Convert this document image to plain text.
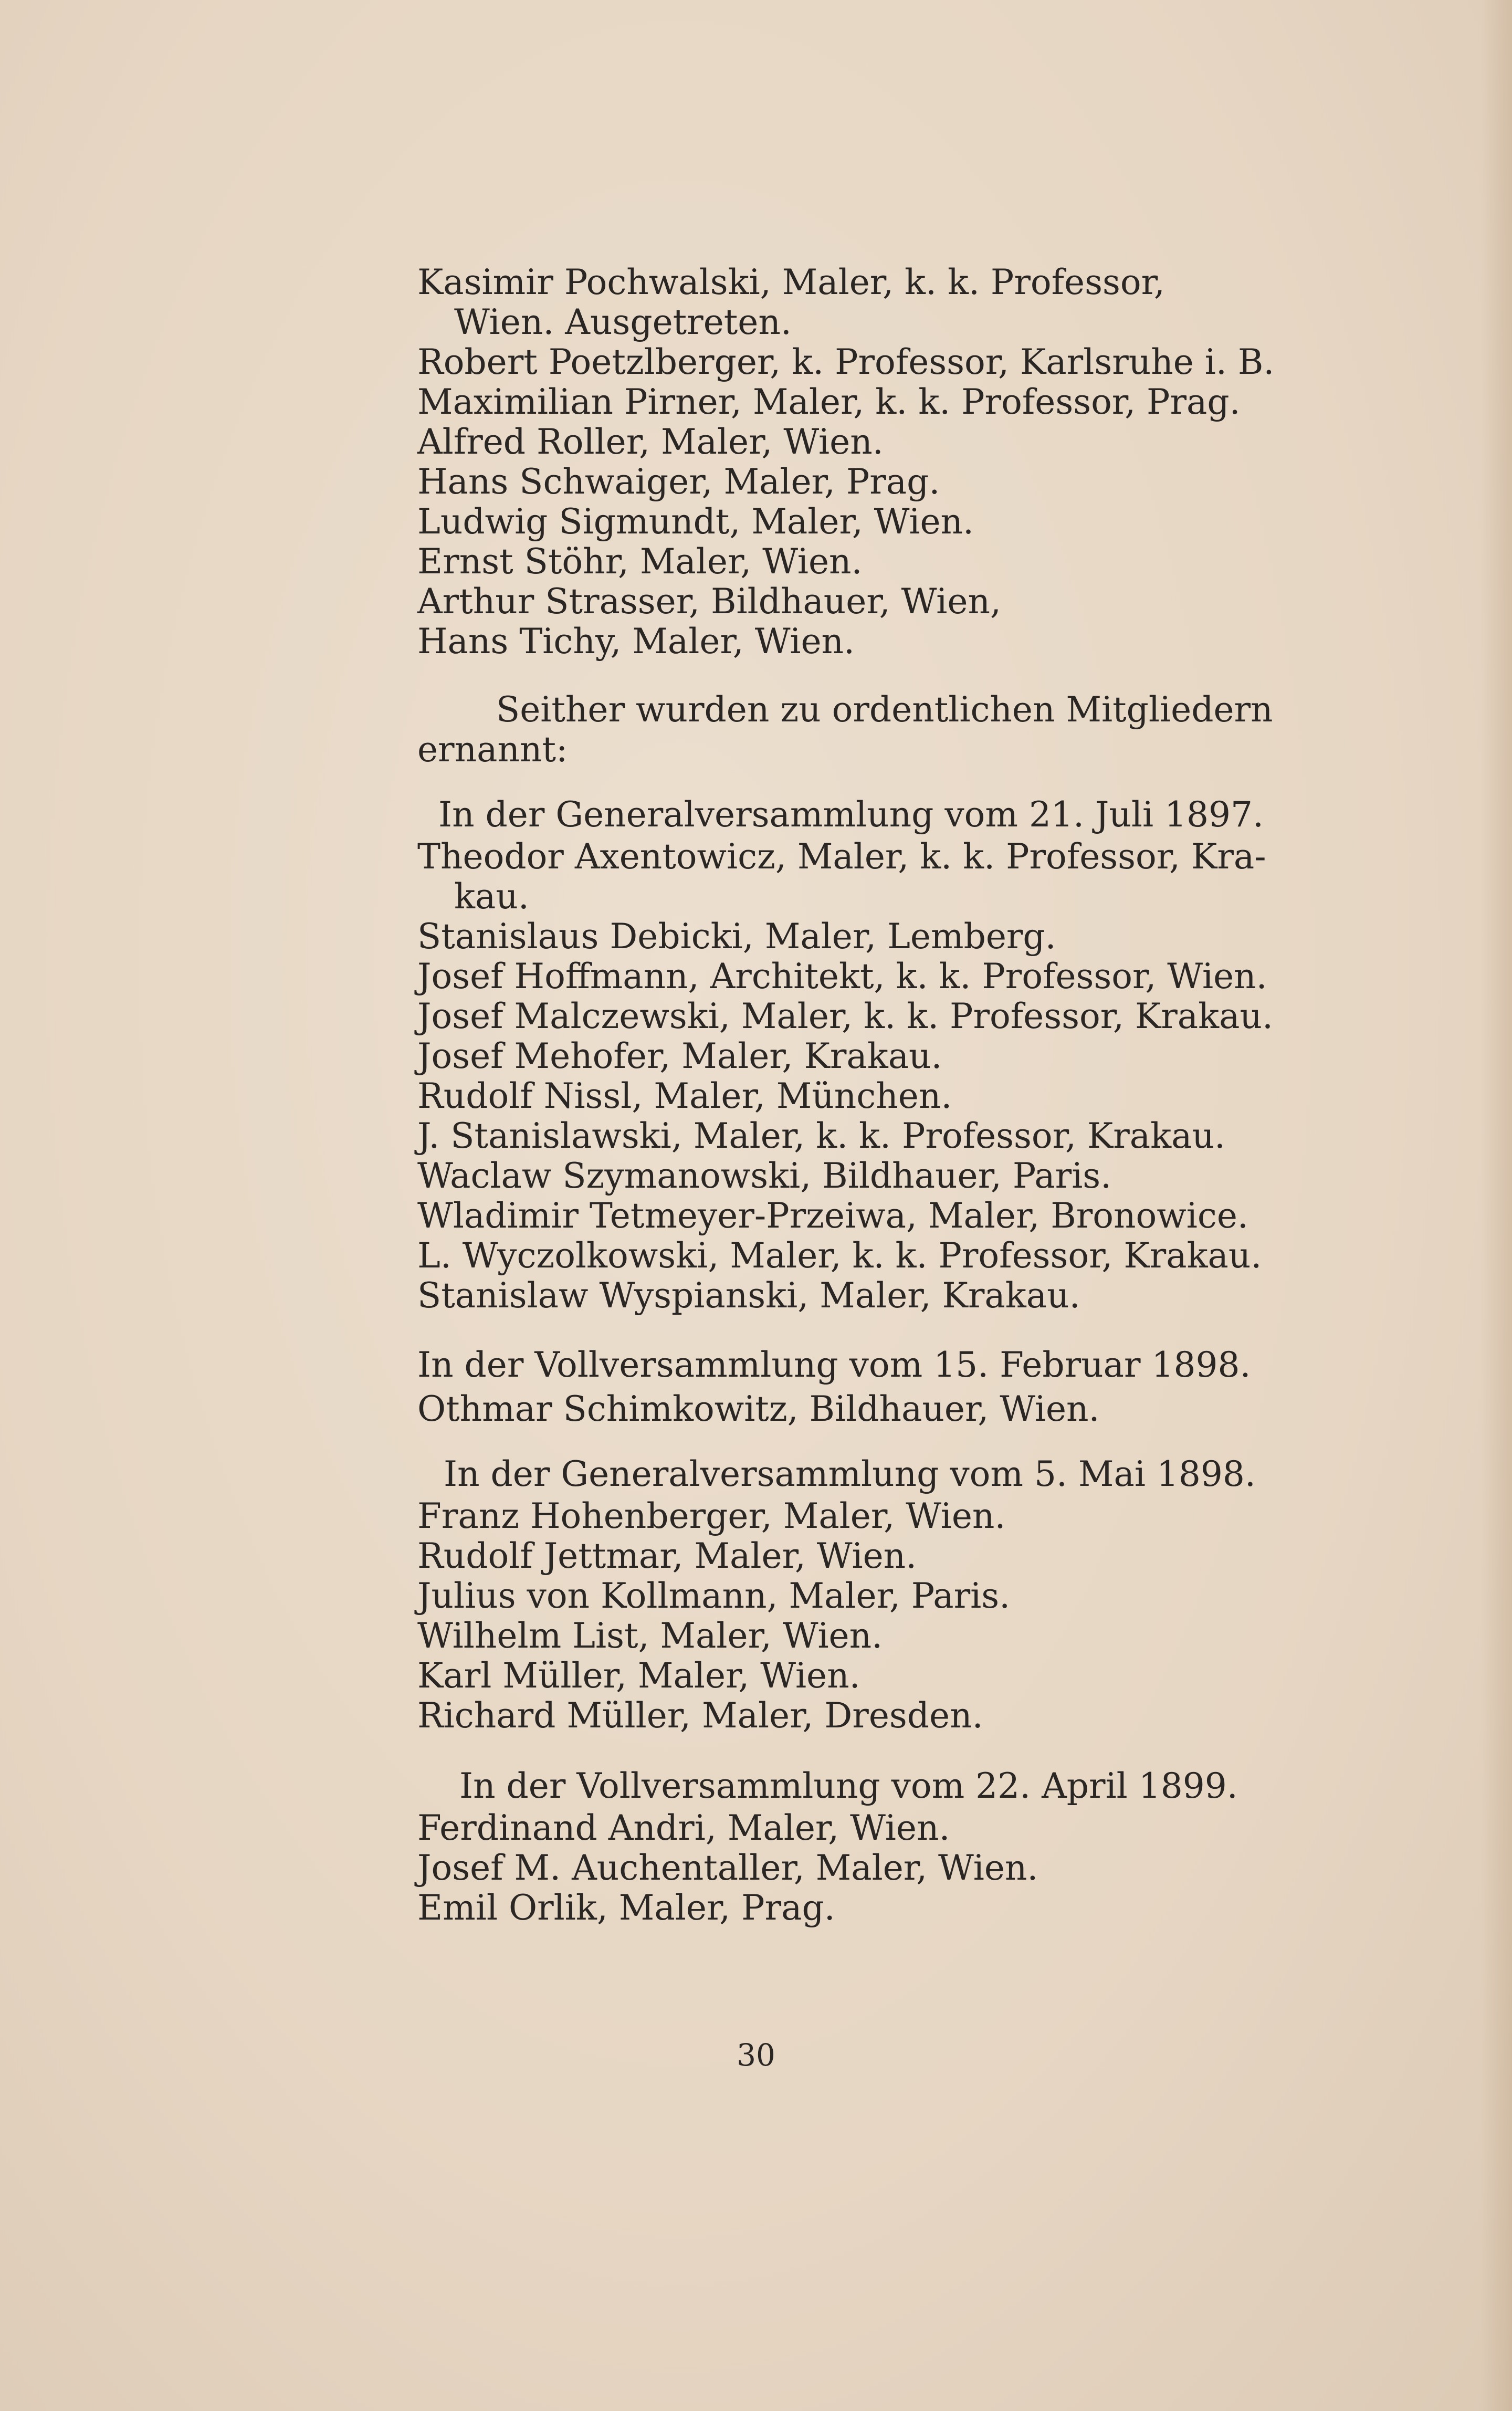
Kasimir Pochwalski, Maler, k. k. Professor, Wien. Ausgetreten.
Robert Poetzlberger, k. Professor, Karlsruhe i. B.
Maximilian Pirner, Maler, k. k. Professor, Prag.
Alfred Roller, Maler, Wien.
Hans Schwaiger, Maler, Prag.
Ludwig Sigmundt, Maler, Wien.
Ernst Stöhr, Maler, Wien.
Arthur Strasser, Bildhauer, Wien,
Hans Tichy, Maler, Wien.
Seither wurden zu ordentlichen Mitgliedern
ernannt:
In der Generalversammlung vom 21. Juli 1897.
Theodor Axentowicz, Maler, k. k. Professor, Kra-
kau.
Stanislaus Debicki, Maler, Lemberg.
Josef Hoffmann, Architekt, k. k. Professor, Wien.
Josef Malczewski, Maler, k. k. Professor, Krakau.
Josef Mehofer, Maler, Krakau.
Rudolf Nissl, Maler, München.
J. Stanislawski, Maler, k. k. Professor, Krakau.
Waclaw Szymanowski, Bildhauer, Paris.
Wladimir Tetmeyer-Przeiwa, Maler, Bronowice.
L. Wyczolkowski, Maler, k. k. Professor, Krakau.
Stanislaw Wyspianski, Maler, Krakau.
In der Vollversammlung vom 15. Februar 1898.
Othmar Schimkowitz, Bildhauer, Wien.
In der Generalversammlung vom 5. Mai 1898.
Franz Hohenberger, Maler, Wien.
Rudolf Jettmar, Maler, Wien.
Julius von Kollmann, Maler, Paris.
Wilhelm List, Maler, Wien.
Karl Müller, Maler, Wien.
Richard Müller, Maler, Dresden.
In der Vollversammlung vom 22. April 1899.
Ferdinand Andri, Maler, Wien.
Josef M. Auchentaller, Maler, Wien.
Emil Orlik, Maler, Prag.
30
